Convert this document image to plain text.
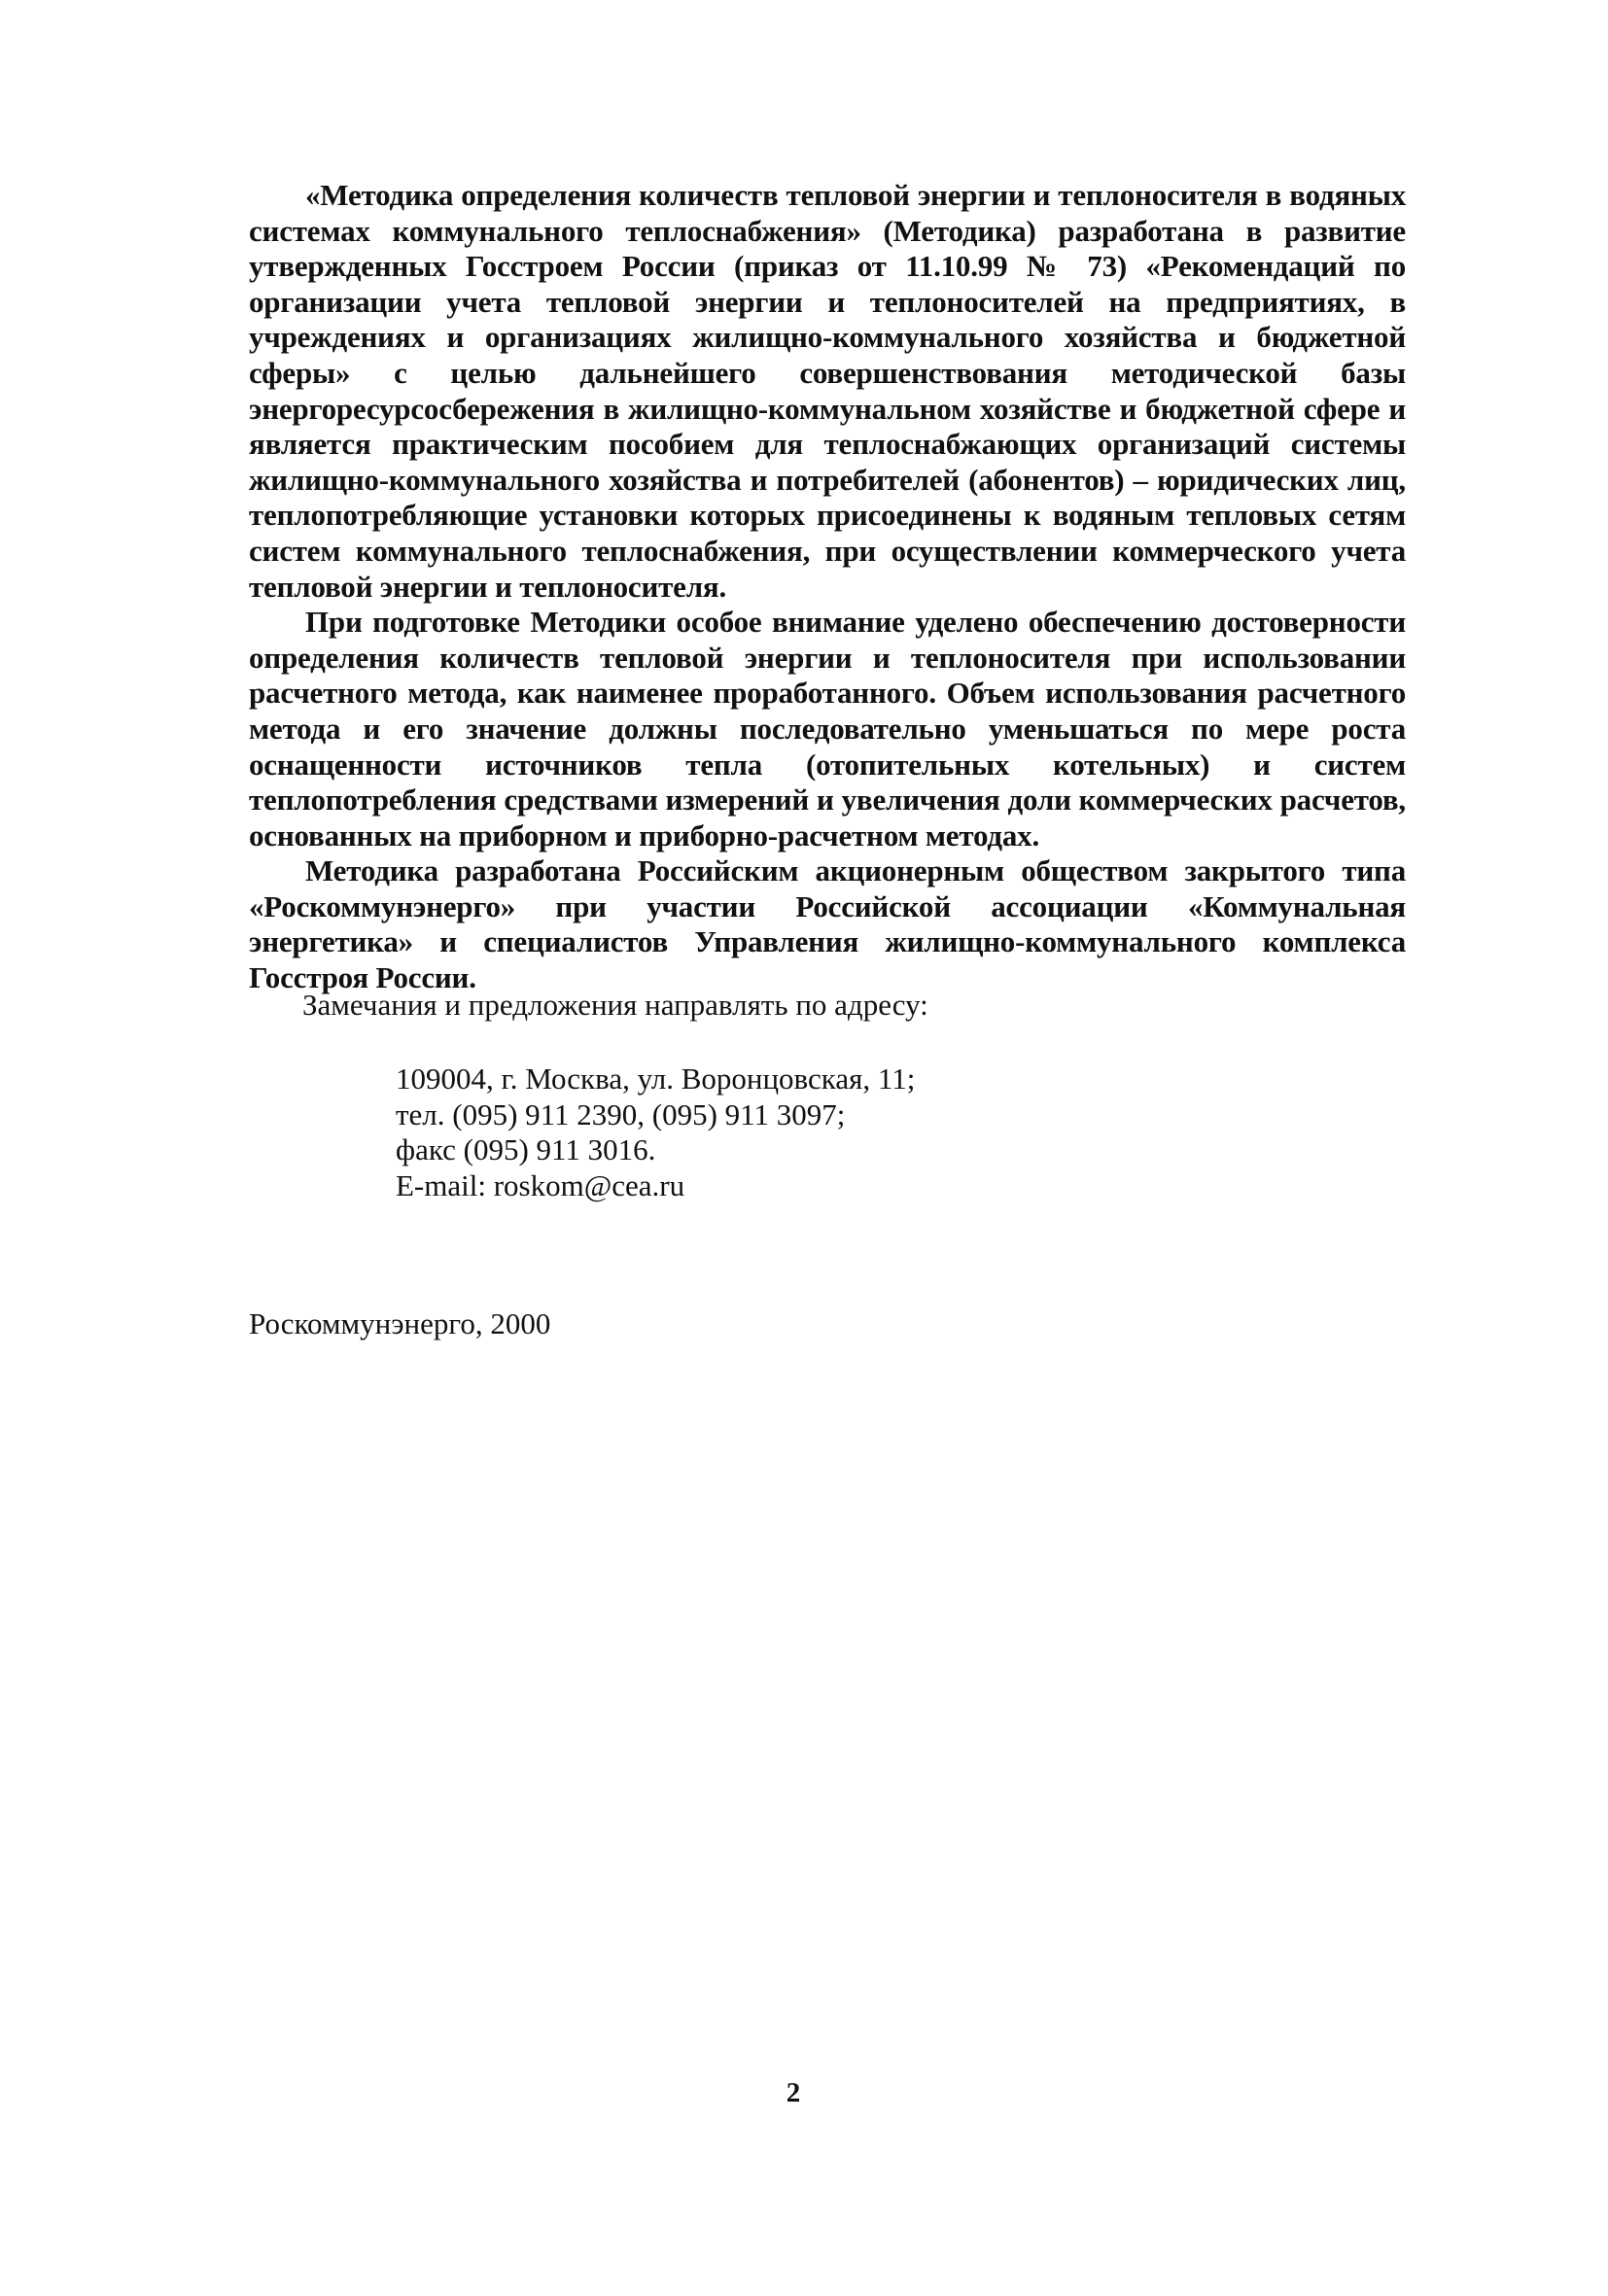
«Методика определения количеств тепловой энергии и теплоносителя в водяных системах коммунального теплоснабжения» (Методика) разработана в развитие утвержденных Госстроем России (приказ от 11.10.99 № 73) «Рекомендаций по организации учета тепловой энергии и теплоносителей на предприятиях, в учреждениях и организациях жилищно-коммунального хозяйства и бюджетной сферы» с целью дальнейшего совершенствования методической базы энергоресурсосбережения в жилищно-коммунальном хозяйстве и бюджетной сфере и является практическим пособием для теплоснабжающих организаций системы жилищно-коммунального хозяйства и потребителей (абонентов) – юридических лиц, теплопотребляющие установки которых присоединены к водяным тепловых сетям систем коммунального теплоснабжения, при осуществлении коммерческого учета тепловой энергии и теплоносителя.

При подготовке Методики особое внимание уделено обеспечению достоверности определения количеств тепловой энергии и теплоносителя при использовании расчетного метода, как наименее проработанного. Объем использования расчетного метода и его значение должны последовательно уменьшаться по мере роста оснащенности источников тепла (отопительных котельных) и систем теплопотребления средствами измерений и увеличения доли коммерческих расчетов, основанных на приборном и приборно-расчетном методах.

Методика разработана Российским акционерным обществом закрытого типа «Роскоммунэнерго» при участии Российской ассоциации «Коммунальная энергетика» и специалистов Управления жилищно-коммунального комплекса Госстроя России.

Замечания и предложения направлять по адресу:
109004, г. Москва, ул. Воронцовская, 11;
тел. (095) 911 2390, (095) 911 3097;
факс (095) 911 3016.
E-mail: roskom@cea.ru
Роскоммунэнерго, 2000
2
